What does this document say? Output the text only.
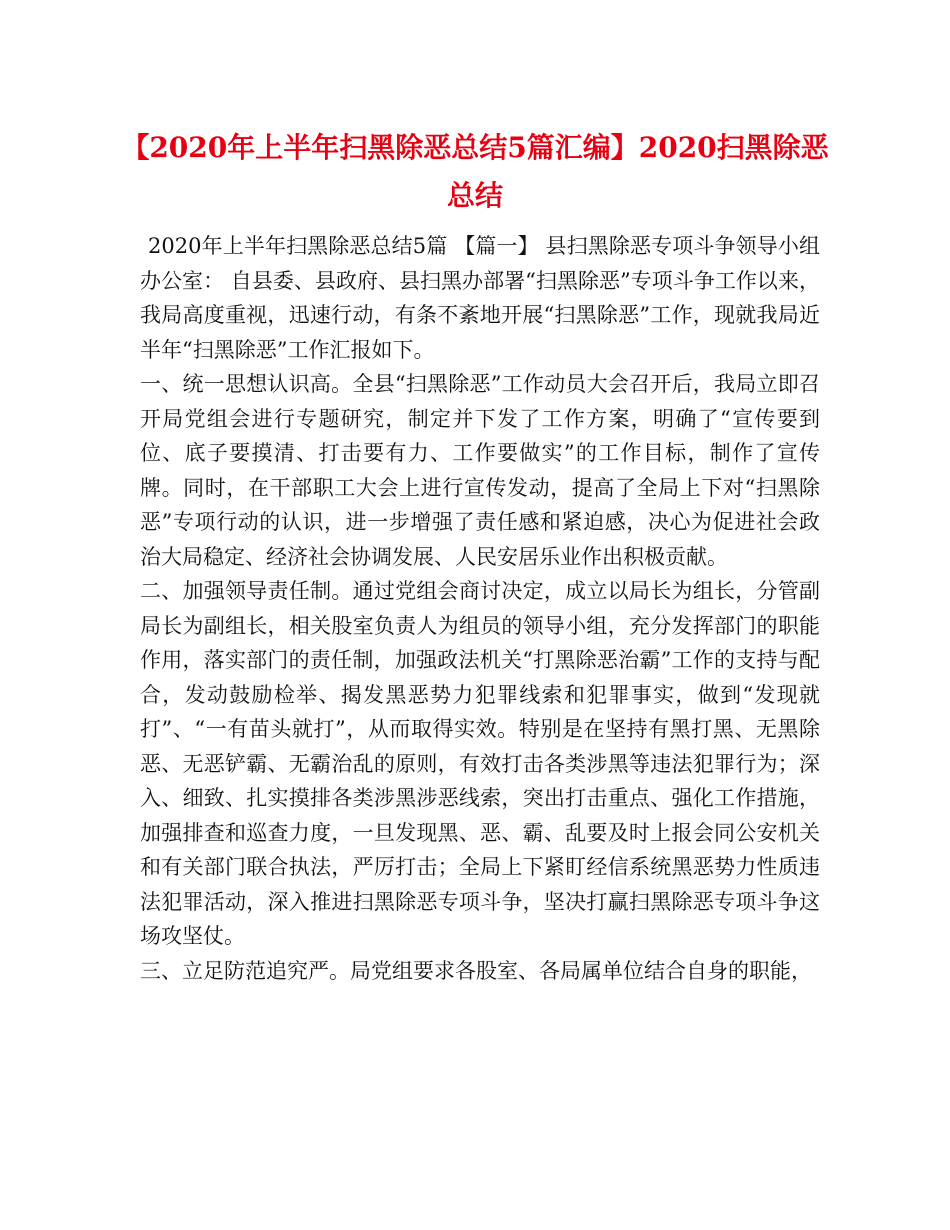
【2020年上半年扫黑除恶总结5篇汇编】2020扫黑除恶总结

2020年上半年扫黑除恶总结5篇 【篇一】 县扫黑除恶专项斗争领导小组办公室： 自县委、县政府、县扫黑办部署“扫黑除恶”专项斗争工作以来，我局高度重视，迅速行动，有条不紊地开展“扫黑除恶”工作，现就我局近半年“扫黑除恶”工作汇报如下。

一、统一思想认识高。全县“扫黑除恶”工作动员大会召开后，我局立即召开局党组会进行专题研究，制定并下发了工作方案，明确了“宣传要到位、底子要摸清、打击要有力、工作要做实”的工作目标，制作了宣传牌。同时，在干部职工大会上进行宣传发动，提高了全局上下对“扫黑除恶”专项行动的认识，进一步增强了责任感和紧迫感，决心为促进社会政治大局稳定、经济社会协调发展、人民安居乐业作出积极贡献。

二、加强领导责任制。通过党组会商讨决定，成立以局长为组长，分管副局长为副组长，相关股室负责人为组员的领导小组，充分发挥部门的职能作用，落实部门的责任制，加强政法机关“打黑除恶治霸”工作的支持与配合，发动鼓励检举、揭发黑恶势力犯罪线索和犯罪事实，做到“发现就打”、“一有苗头就打”，从而取得实效。特别是在坚持有黑打黑、无黑除恶、无恶铲霸、无霸治乱的原则，有效打击各类涉黑等违法犯罪行为；深入、细致、扎实摸排各类涉黑涉恶线索，突出打击重点、强化工作措施，加强排查和巡查力度，一旦发现黑、恶、霸、乱要及时上报会同公安机关和有关部门联合执法，严厉打击；全局上下紧盯经信系统黑恶势力性质违法犯罪活动，深入推进扫黑除恶专项斗争，坚决打赢扫黑除恶专项斗争这场攻坚仗。

三、立足防范追究严。局党组要求各股室、各局属单位结合自身的职能，
